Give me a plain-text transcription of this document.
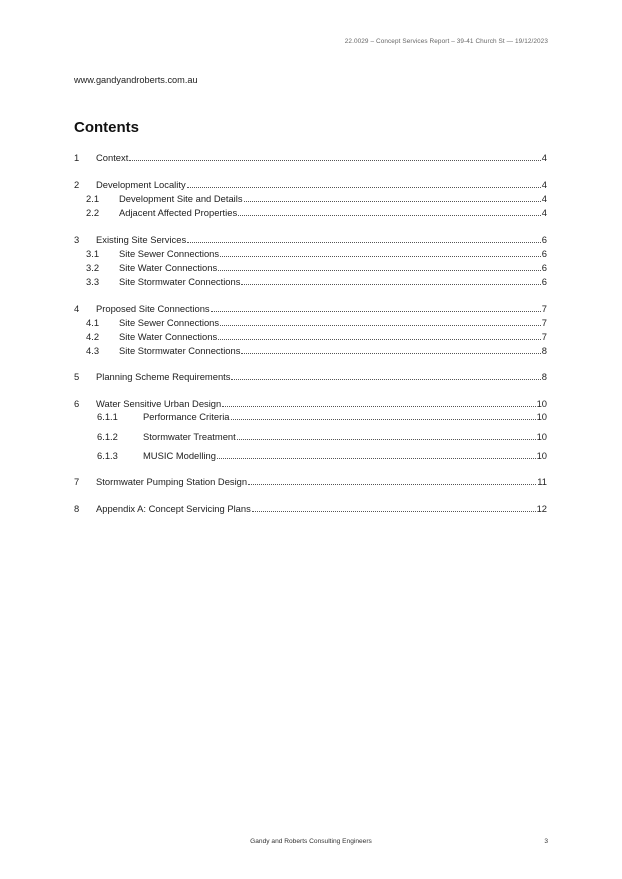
22.0029 – Concept Services Report – 39-41 Church St — 19/12/2023
www.gandyandroberts.com.au
Contents
1	Context	4
2	Development Locality	4
2.1	Development Site and Details	4
2.2	Adjacent Affected Properties	4
3	Existing Site Services	6
3.1	Site Sewer Connections	6
3.2	Site Water Connections	6
3.3	Site Stormwater Connections	6
4	Proposed Site Connections	7
4.1	Site Sewer Connections	7
4.2	Site Water Connections	7
4.3	Site Stormwater Connections	8
5	Planning Scheme Requirements	8
6	Water Sensitive Urban Design	10
6.1.1	Performance Criteria	10
6.1.2	Stormwater Treatment	10
6.1.3	MUSIC Modelling	10
7	Stormwater Pumping Station Design	11
8	Appendix A: Concept Servicing Plans	12
Gandy and Roberts Consulting Engineers	3
